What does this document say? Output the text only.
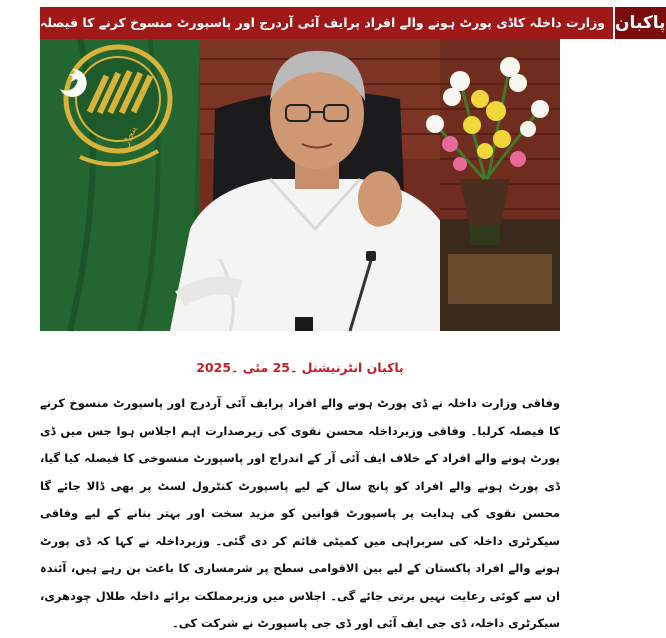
وزارت داخلہ کاڈی پورٹ ہونے والے افراد پرایف آئی آردرج اور پاسپورٹ منسوخ کرنے کا فیصلہ پاکبان
پنجاب
پاکبان انٹرنیشنل ۔25 مئی ۔2025
وفاقی وزارت داخلہ نے ڈی پورٹ ہونے والے افراد پرایف آئی آردرج اور پاسپورٹ منسوخ کرنے کا فیصلہ کرلیا۔ وفاقی وزیرداخلہ محسن نقوی کی زیرصدارت اہم اجلاس ہوا جس میں ڈی پورٹ ہونے والے افراد کے خلاف ایف آئی آر کے اندراج اور پاسپورٹ منسوخی کا فیصلہ کیا گیا، ڈی پورٹ ہونے والے افراد کو پانچ سال کے لیے پاسپورٹ کنٹرول لسٹ پر بھی ڈالا جائے گا محسن نقوی کی ہدایت پر پاسپورٹ قوانین کو مزید سخت اور بہتر بنانے کے لیے وفاقی سیکرٹری داخلہ کی سربراہی میں کمیٹی قائم کر دی گئی۔ وزیرداخلہ نے کہا کہ ڈی پورٹ ہونے والے افراد پاکستان کے لیے بین الاقوامی سطح پر شرمساری کا باعث بن رہے ہیں، آئندہ ان سے کوئی رعایت نہیں برتی جائے گی۔ اجلاس میں وزیرمملکت برائے داخلہ طلال چودھری، سیکرٹری داخلہ، ڈی جی ایف آئی اور ڈی جی پاسپورٹ نے شرکت کی۔
